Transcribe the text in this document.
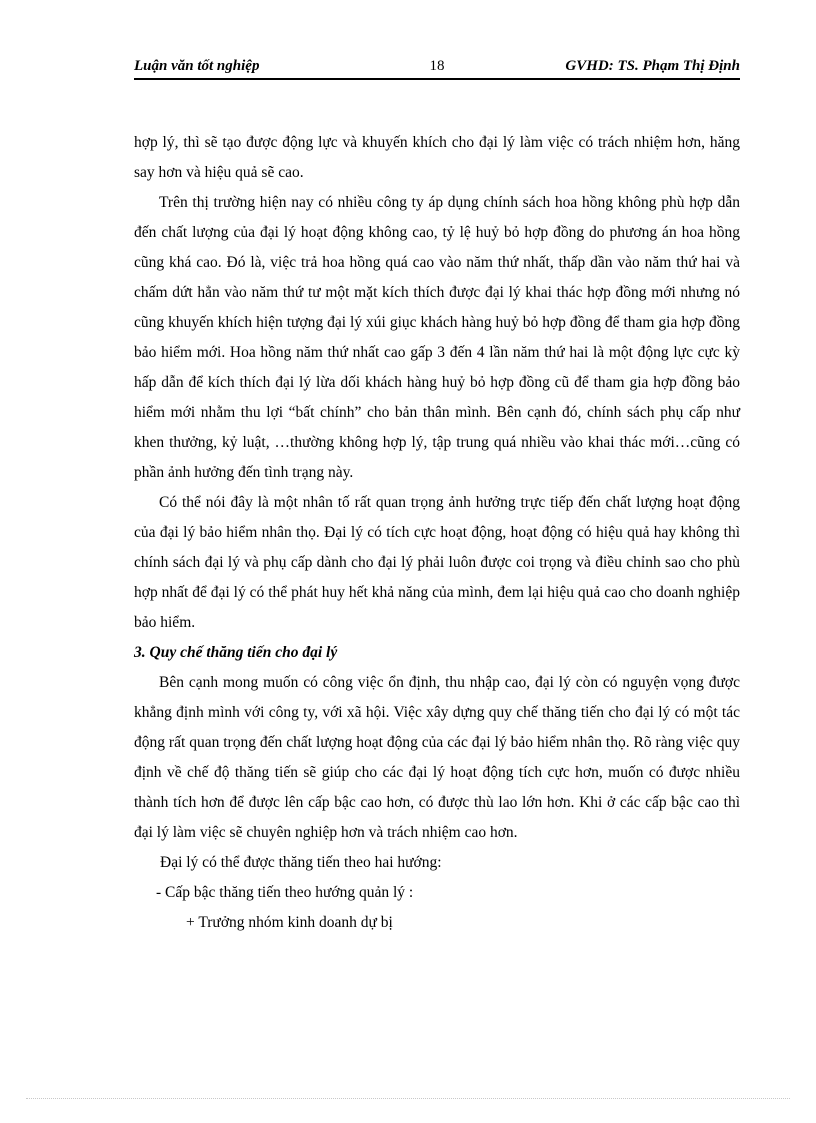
Luận văn tốt nghiệp	18	GVHD: TS. Phạm Thị Định

hợp lý, thì sẽ tạo được động lực và khuyến khích cho đại lý làm việc có trách nhiệm hơn, hăng say hơn và hiệu quả sẽ cao.

Trên thị trường hiện nay có nhiều công ty áp dụng chính sách hoa hồng không phù hợp dẫn đến chất lượng của đại lý hoạt động không cao, tỷ lệ huỷ bỏ hợp đồng do phương án hoa hồng cũng khá cao. Đó là, việc trả hoa hồng quá cao vào năm thứ nhất, thấp dần vào năm thứ hai và chấm dứt hẳn vào năm thứ tư một mặt kích thích được đại lý khai thác hợp đồng mới nhưng nó cũng khuyến khích hiện tượng đại lý xúi giục khách hàng huỷ bỏ hợp đồng để tham gia hợp đồng bảo hiểm mới. Hoa hồng năm thứ nhất cao gấp 3 đến 4 lần năm thứ hai là một động lực cực kỳ hấp dẫn để kích thích đại lý lừa dối khách hàng huỷ bỏ hợp đồng cũ để tham gia hợp đồng bảo hiểm mới nhằm thu lợi “bất chính” cho bản thân mình. Bên cạnh đó, chính sách phụ cấp như khen thưởng, kỷ luật, …thường không hợp lý, tập trung quá nhiều vào khai thác mới…cũng có phần ảnh hưởng đến tình trạng này.

Có thể nói đây là một nhân tố rất quan trọng ảnh hưởng trực tiếp đến chất lượng hoạt động của đại lý bảo hiểm nhân thọ. Đại lý có tích cực hoạt động, hoạt động có hiệu quả hay không thì chính sách đại lý và phụ cấp dành cho đại lý phải luôn được coi trọng và điều chỉnh sao cho phù hợp nhất để đại lý có thể phát huy hết khả năng của mình, đem lại hiệu quả cao cho doanh nghiệp bảo hiểm.

3. Quy chế thăng tiến cho đại lý

Bên cạnh mong muốn có công việc ổn định, thu nhập cao, đại lý còn có nguyện vọng được khẳng định mình với công ty, với xã hội. Việc xây dựng quy chế thăng tiến cho đại lý có một tác động rất quan trọng đến chất lượng hoạt động của các đại lý bảo hiểm nhân thọ. Rõ ràng việc quy định về chế độ thăng tiến sẽ giúp cho các đại lý hoạt động tích cực hơn, muốn có được nhiều thành tích hơn để được lên cấp bậc cao hơn, có được thù lao lớn hơn. Khi ở các cấp bậc cao thì đại lý làm việc sẽ chuyên nghiệp hơn và trách nhiệm cao hơn.

Đại lý có thể được thăng tiến theo hai hướng:

- Cấp bậc thăng tiến theo hướng quản lý :

+ Trưởng nhóm kinh doanh dự bị
